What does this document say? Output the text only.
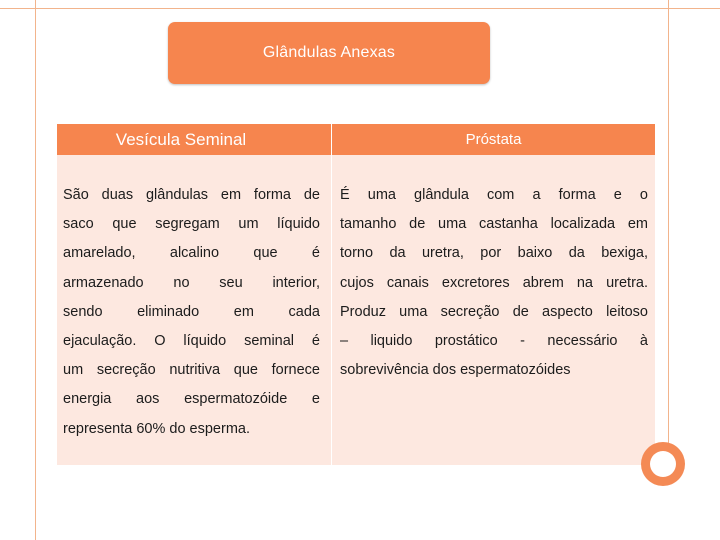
Glândulas Anexas
Vesícula Seminal	Próstata
São duas glândulas em forma de
saco que segregam um líquido
amarelado, alcalino que é
armazenado no seu interior,
sendo eliminado em cada
ejaculação. O líquido seminal é
um secreção nutritiva que fornece
energia aos espermatozóide e
representa 60% do esperma.
É uma glândula com a forma e o
tamanho de uma castanha localizada em
torno da uretra, por baixo da bexiga,
cujos canais excretores abrem na uretra.
Produz uma secreção de aspecto leitoso
– liquido prostático - necessário à
sobrevivência dos espermatozóides
